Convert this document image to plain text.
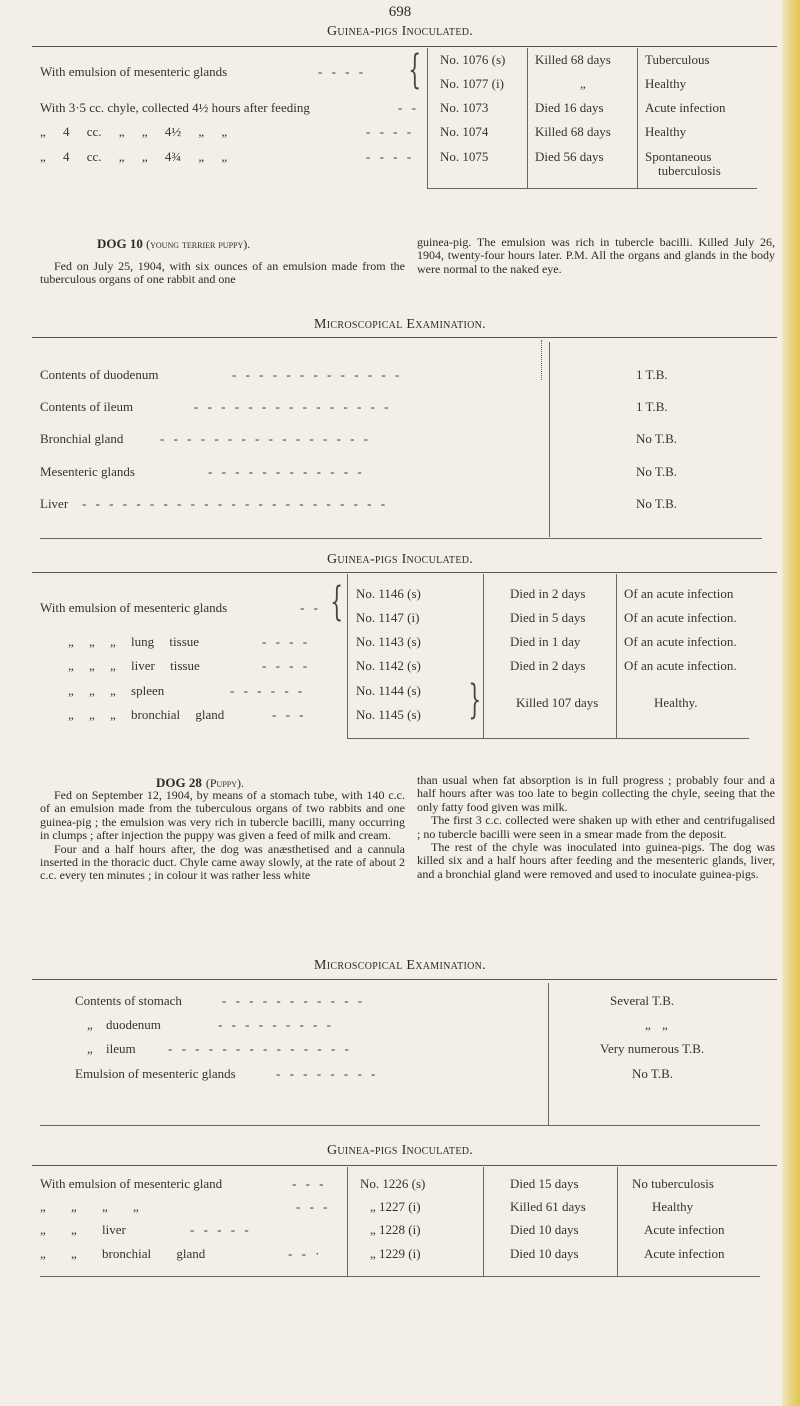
698
Guinea-pigs Inoculated.
With emulsion of mesenteric glands	- - - - { No. 1076 (s) Killed 68 days	Tuberculous
No. 1077 (i)	„	Healthy
With 3·5 cc. chyle, collected 4½ hours after feeding	- - No. 1073	Died 16 days	Acute infection
„ 4 cc. „ „ 4½ „ „	- - - - No. 1074	Killed 68 days	Healthy
„ 4 cc. „ „ 4¾ „ „	- - - - No. 1075	Died 56 days	Spontaneous
tuberculosis
DOG 10 (young terrier puppy).

Fed on July 25, 1904, with six ounces of an emulsion made from the tuberculous organs of one rabbit and one

guinea-pig. The emulsion was rich in tubercle bacilli. Killed July 26, 1904, twenty-four hours later. P.M. All the organs and glands in the body were normal to the naked eye.

Microscopical Examination.
Contents of duodenum	- - - - - - - - - - - - -	1 T.B.
Contents of ileum	- - - - - - - - - - - - - - -	1 T.B.
Bronchial gland	- - - - - - - - - - - - - - - -	No T.B.
Mesenteric glands	- - - - - - - - - - - -	No T.B.
Liver - - - - - - - - - - - - - - - - - - - - - - -	No T.B.
Guinea-pigs Inoculated.
With emulsion of mesenteric glands	- - { No. 1146 (s)	Died in 2 days	Of an acute infection
No. 1147 (i)	Died in 5 days	Of an acute infection.
„ „ „ lung tissue	- - - -	No. 1143 (s)	Died in 1 day	Of an acute infection.
„ „ „ liver tissue	- - - -	No. 1142 (s)	Died in 2 days	Of an acute infection.
„ „ „ spleen	- - - - - -	No. 1144 (s) }	Killed 107 days	Healthy.
„ „ „ bronchial gland	- - -	No. 1145 (s)
DOG 28 (Puppy).

Fed on September 12, 1904, by means of a stomach tube, with 140 c.c. of an emulsion made from the tuberculous organs of two rabbits and one guinea-pig ; the emulsion was very rich in tubercle bacilli, many occurring in clumps ; after injection the puppy was given a feed of milk and cream.

Four and a half hours after, the dog was anæsthetised and a cannula inserted in the thoracic duct. Chyle came away slowly, at the rate of about 2 c.c. every ten minutes ; in colour it was rather less white

than usual when fat absorption is in full progress ; probably four and a half hours after was too late to begin collecting the chyle, seeing that the only fatty food given was milk.

The first 3 c.c. collected were shaken up with ether and centrifugalised ; no tubercle bacilli were seen in a smear made from the deposit.

The rest of the chyle was inoculated into guinea-pigs. The dog was killed six and a half hours after feeding and the mesenteric glands, liver, and a bronchial gland were removed and used to inoculate guinea-pigs.

Microscopical Examination.
Contents of stomach	- - - - - - - - - - -	Several T.B.
„ duodenum	- - - - - - - - -	„ „
„ ileum - - - - - - - - - - - - - -	Very numerous T.B.
Emulsion of mesenteric glands	- - - - - - - -	No T.B.
Guinea-pigs Inoculated.
With emulsion of mesenteric gland	- - -	No. 1226 (s)	Died 15 days	No tuberculosis
„ „ „ „	- - -	„ 1227 (i)	Killed 61 days	Healthy
„ „ liver	- - - - -	„ 1228 (i)	Died 10 days	Acute infection
„ „ bronchial gland	- - ·	„ 1229 (i)	Died 10 days	Acute infection
